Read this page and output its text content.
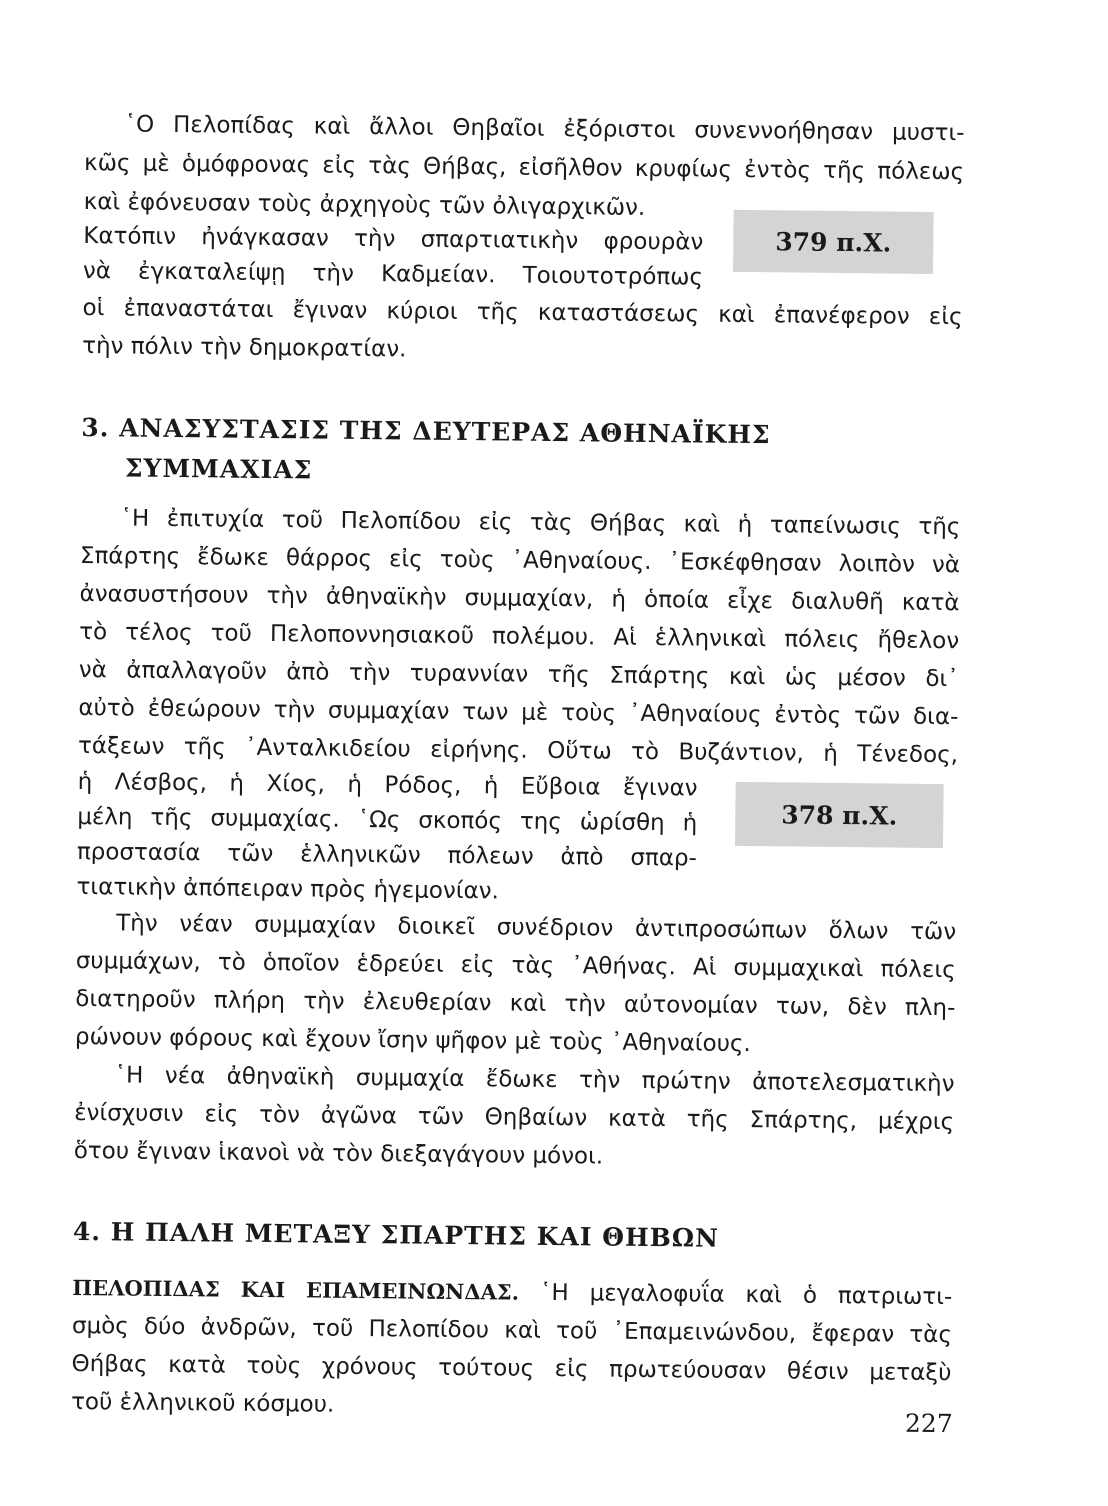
῾Ο Πελοπίδας καὶ ἄλλοι Θηβαῖοι ἐξόριστοι συνεννοήθησαν μυστι-
κῶς μὲ ὁμόφρονας εἰς τὰς Θήβας, εἰσῆλθον κρυφίως ἐντὸς τῆς πόλεως
καὶ ἐφόνευσαν τοὺς ἀρχηγοὺς τῶν ὀλιγαρχικῶν.
Κατόπιν ἠνάγκασαν τὴν σπαρτιατικὴν φρουρὰν
νὰ ἐγκαταλείψῃ τὴν Καδμείαν. Τοιουτοτρόπως
379 π.Χ.
οἱ ἐπαναστάται ἔγιναν κύριοι τῆς καταστάσεως καὶ ἐπανέφερον εἰς
τὴν πόλιν τὴν δημοκρατίαν.
3. ΑΝΑΣΥΣΤΑΣΙΣ ΤΗΣ ΔΕΥΤΕΡΑΣ ΑΘΗΝΑΪΚΗΣ
ΣΥΜΜΑΧΙΑΣ
῾Η ἐπιτυχία τοῦ Πελοπίδου εἰς τὰς Θήβας καὶ ἡ ταπείνωσις τῆς
Σπάρτης ἔδωκε θάρρος εἰς τοὺς ᾿Αθηναίους. ᾿Εσκέφθησαν λοιπὸν νὰ
ἀνασυστήσουν τὴν ἀθηναϊκὴν συμμαχίαν, ἡ ὁποία εἶχε διαλυθῆ κατὰ
τὸ τέλος τοῦ Πελοποννησιακοῦ πολέμου. Αἱ ἑλληνικαὶ πόλεις ἤθελον
νὰ ἀπαλλαγοῦν ἀπὸ τὴν τυραννίαν τῆς Σπάρτης καὶ ὡς μέσον δι᾿
αὐτὸ ἐθεώρουν τὴν συμμαχίαν των μὲ τοὺς ᾿Αθηναίους ἐντὸς τῶν δια-
τάξεων τῆς ᾿Ανταλκιδείου εἰρήνης. Οὕτω τὸ Βυζάντιον, ἡ Τένεδος,
ἡ Λέσβος, ἡ Χίος, ἡ Ρόδος, ἡ Εὔβοια ἔγιναν
μέλη τῆς συμμαχίας. ῾Ως σκοπός της ὡρίσθη ἡ
προστασία τῶν ἑλληνικῶν πόλεων ἀπὸ σπαρ-
τιατικὴν ἀπόπειραν πρὸς ἡγεμονίαν.
378 π.Χ.
Τὴν νέαν συμμαχίαν διοικεῖ συνέδριον ἀντιπροσώπων ὅλων τῶν
συμμάχων, τὸ ὁποῖον ἑδρεύει εἰς τὰς ᾿Αθήνας. Αἱ συμμαχικαὶ πόλεις
διατηροῦν πλήρη τὴν ἐλευθερίαν καὶ τὴν αὐτονομίαν των, δὲν πλη-
ρώνουν φόρους καὶ ἔχουν ἴσην ψῆφον μὲ τοὺς ᾿Αθηναίους.
῾Η νέα ἀθηναϊκὴ συμμαχία ἔδωκε τὴν πρώτην ἀποτελεσματικὴν
ἐνίσχυσιν εἰς τὸν ἀγῶνα τῶν Θηβαίων κατὰ τῆς Σπάρτης, μέχρις
ὅτου ἔγιναν ἱκανοὶ νὰ τὸν διεξαγάγουν μόνοι.
4. Η ΠΑΛΗ ΜΕΤΑΞΥ ΣΠΑΡΤΗΣ ΚΑΙ ΘΗΒΩΝ
ΠΕΛΟΠΙΔΑΣ ΚΑΙ ΕΠΑΜΕΙΝΩΝΔΑΣ. ῾Η μεγαλοφυΐα καὶ ὁ πατριωτι-
σμὸς δύο ἀνδρῶν, τοῦ Πελοπίδου καὶ τοῦ ᾿Επαμεινώνδου, ἔφεραν τὰς
Θήβας κατὰ τοὺς χρόνους τούτους εἰς πρωτεύουσαν θέσιν μεταξὺ
τοῦ ἑλληνικοῦ κόσμου.
227
